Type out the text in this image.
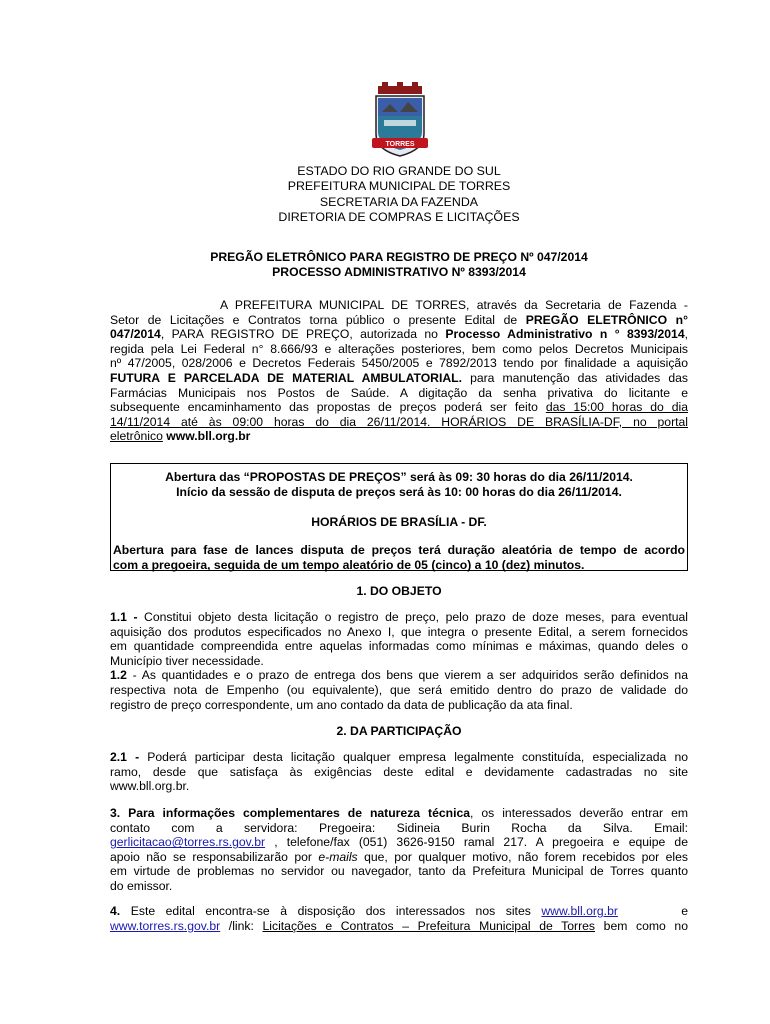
TORRES
ESTADO DO RIO GRANDE DO SUL
PREFEITURA MUNICIPAL DE TORRES
SECRETARIA DA FAZENDA
DIRETORIA DE COMPRAS E LICITAÇÕES
PREGÃO ELETRÔNICO PARA REGISTRO DE PREÇO Nº 047/2014
PROCESSO ADMINISTRATIVO Nº 8393/2014
A PREFEITURA MUNICIPAL DE TORRES, através da Secretaria de Fazenda -
Setor de Licitações e Contratos torna público o presente Edital de PREGÃO ELETRÔNICO n°
047/2014, PARA REGISTRO DE PREÇO, autorizada no Processo Administrativo n ° 8393/2014,
regida pela Lei Federal n° 8.666/93 e alterações posteriores, bem como pelos Decretos Municipais
nº 47/2005, 028/2006 e Decretos Federais 5450/2005 e 7892/2013 tendo por finalidade a aquisição
FUTURA E PARCELADA DE MATERIAL AMBULATORIAL. para manutenção das atividades das
Farmácias Municipais nos Postos de Saúde. A digitação da senha privativa do licitante e
subsequente encaminhamento das propostas de preços poderá ser feito das 15:00 horas do dia
14/11/2014 até às 09:00 horas do dia 26/11/2014. HORÁRIOS DE BRASÍLIA-DF, no portal
eletrônico www.bll.org.br
Abertura das “PROPOSTAS DE PREÇOS” será às 09: 30 horas do dia 26/11/2014.
Início da sessão de disputa de preços será às 10: 00 horas do dia 26/11/2014.
HORÁRIOS DE BRASÍLIA - DF.
Abertura para fase de lances disputa de preços terá duração aleatória de tempo de acordo
com a pregoeira, seguida de um tempo aleatório de 05 (cinco) a 10 (dez) minutos.
1. DO OBJETO
1.1 - Constitui objeto desta licitação o registro de preço, pelo prazo de doze meses, para eventual
aquisição dos produtos especificados no Anexo I, que integra o presente Edital, a serem fornecidos
em quantidade compreendida entre aquelas informadas como mínimas e máximas, quando deles o
Município tiver necessidade.
1.2 - As quantidades e o prazo de entrega dos bens que vierem a ser adquiridos serão definidos na
respectiva nota de Empenho (ou equivalente), que será emitido dentro do prazo de validade do
registro de preço correspondente, um ano contado da data de publicação da ata final.
2. DA PARTICIPAÇÃO
2.1 - Poderá participar desta licitação qualquer empresa legalmente constituída, especializada no
ramo, desde que satisfaça às exigências deste edital e devidamente cadastradas no site
www.bll.org.br.
3. Para informações complementares de natureza técnica, os interessados deverão entrar em
contato      com      a      servidora:      Pregoeira:      Sidineia      Burin      Rocha      da      Silva.      Email:
gerlicitacao@torres.rs.gov.br , telefone/fax (051) 3626-9150 ramal 217. A pregoeira e equipe de
apoio não se responsabilizarão por e-mails que, por qualquer motivo, não forem recebidos por eles
em virtude de problemas no servidor ou navegador, tanto da Prefeitura Municipal de Torres quanto
do emissor.
4. Este edital encontra-se à disposição dos interessados nos sites www.bll.org.br      e
www.torres.rs.gov.br /link: Licitações e Contratos – Prefeitura Municipal de Torres bem como no
